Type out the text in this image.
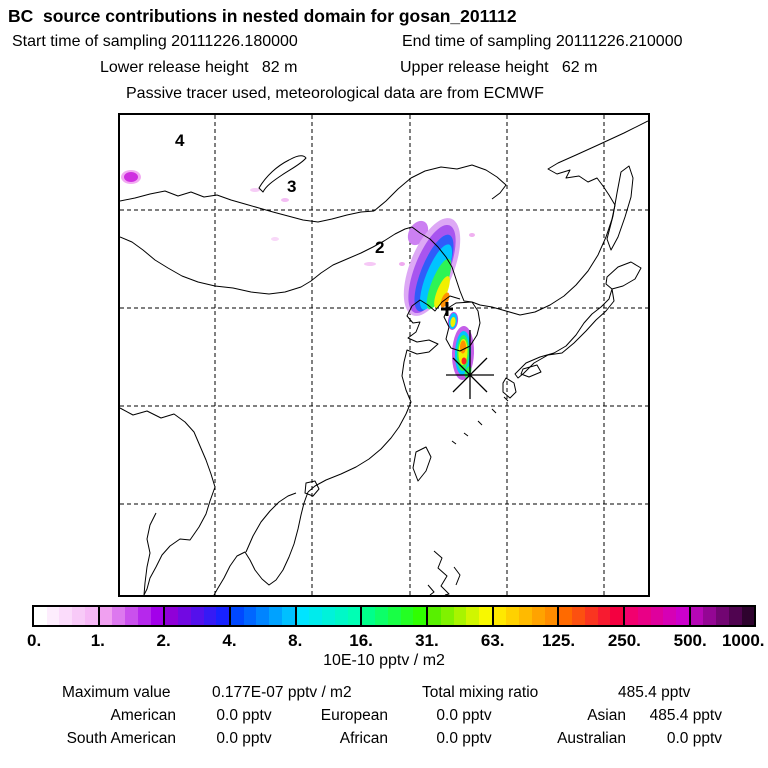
BC  source contributions in nested domain for gosan_201112
Start time of sampling 20111226.180000	End time of sampling 20111226.210000
Lower release height   82 m	Upper release height   62 m
Passive tracer used, meteorological data are from ECMWF
4
3
2
0.	1.	2.	4.	8.	16. 31. 63. 125. 250. 500. 1000.
10E-10 pptv / m2
Maximum value	0.177E-07 pptv / m2	Total mixing ratio	485.4 pptv
American	0.0 pptv	European	0.0 pptv	Asian	485.4 pptv
South American	0.0 pptv	African	0.0 pptv	Australian	0.0 pptv
